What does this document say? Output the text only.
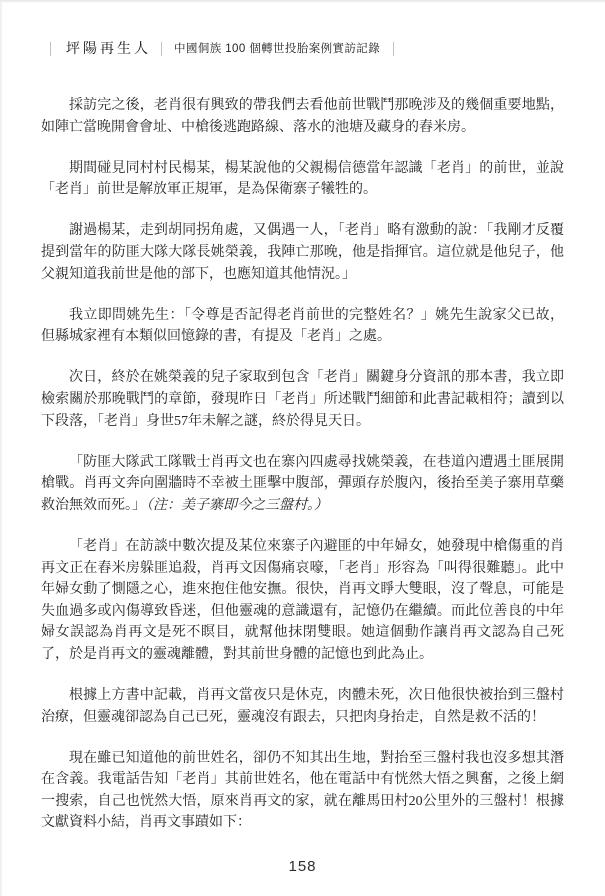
｜ 坪陽再生人 ｜ 中國侗族 100 個轉世投胎案例實訪記錄 ｜

採訪完之後，老肖很有興致的帶我們去看他前世戰鬥那晚涉及的幾個重要地點，如陣亡當晚開會會址、中槍後逃跑路線、落水的池塘及藏身的舂米房。

期間碰見同村村民楊某，楊某說他的父親楊信德當年認識「老肖」的前世，並說「老肖」前世是解放軍正規軍，是為保衛寨子犧牲的。

謝過楊某，走到胡同拐角處，又偶遇一人，「老肖」略有激動的說：「我剛才反覆提到當年的防匪大隊大隊長姚榮義，我陣亡那晚，他是指揮官。這位就是他兒子，他父親知道我前世是他的部下，也應知道其他情況。」

我立即問姚先生：「令尊是否記得老肖前世的完整姓名？」姚先生說家父已故，但縣城家裡有本類似回憶錄的書，有提及「老肖」之處。

次日，終於在姚榮義的兒子家取到包含「老肖」關鍵身分資訊的那本書，我立即檢索關於那晚戰鬥的章節，發現昨日「老肖」所述戰鬥細節和此書記載相符；讀到以下段落，「老肖」身世57年未解之謎，終於得見天日。

「防匪大隊武工隊戰士肖再文也在寨內四處尋找姚榮義，在巷道內遭遇土匪展開槍戰。肖再文奔向圍牆時不幸被土匪擊中腹部，彈頭存於腹內，後抬至美子寨用草藥救治無效而死。」（注：美子寨即今之三盤村。）

「老肖」在訪談中數次提及某位來寨子內避匪的中年婦女，她發現中槍傷重的肖再文正在舂米房躲匪追殺，肖再文因傷痛哀嚎，「老肖」形容為「叫得很難聽」。此中年婦女動了惻隱之心，進來抱住他安撫。很快，肖再文睜大雙眼，沒了聲息，可能是失血過多或內傷導致昏迷，但他靈魂的意識還有，記憶仍在繼續。而此位善良的中年婦女誤認為肖再文是死不瞑目，就幫他抹閉雙眼。她這個動作讓肖再文認為自己死了，於是肖再文的靈魂離體，對其前世身體的記憶也到此為止。

根據上方書中記載，肖再文當夜只是休克，肉體未死，次日他很快被抬到三盤村治療，但靈魂卻認為自己已死，靈魂沒有跟去，只把肉身抬走，自然是救不活的！

現在雖已知道他的前世姓名，卻仍不知其出生地，對抬至三盤村我也沒多想其潛在含義。我電話告知「老肖」其前世姓名，他在電話中有恍然大悟之興奮，之後上網一搜索，自己也恍然大悟，原來肖再文的家，就在離馬田村20公里外的三盤村！根據文獻資料小結，肖再文事蹟如下：

158
